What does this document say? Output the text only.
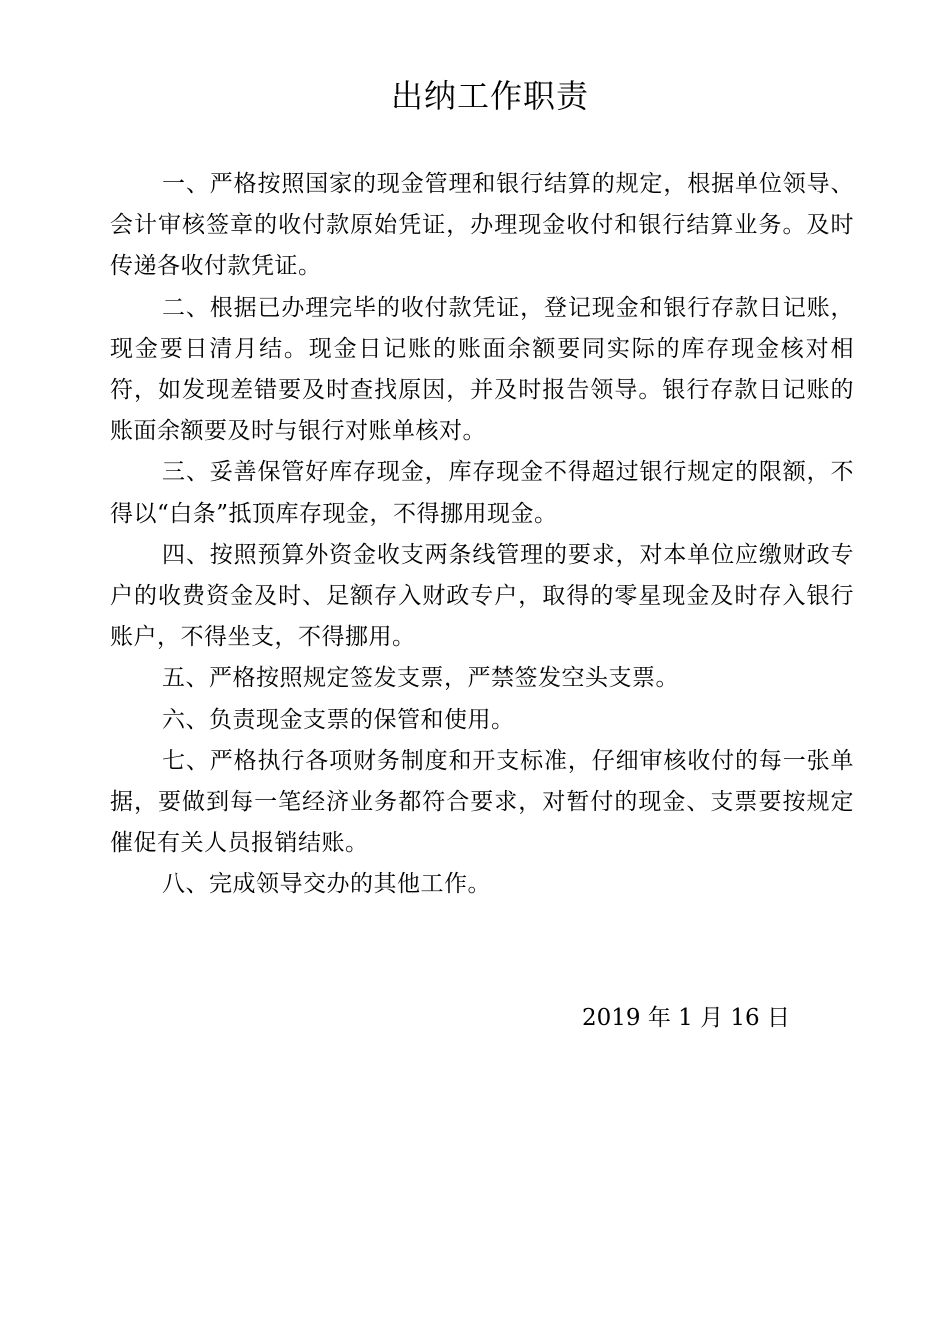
出纳工作职责

一、严格按照国家的现金管理和银行结算的规定，根据单位领导、会计审核签章的收付款原始凭证，办理现金收付和银行结算业务。及时传递各收付款凭证。

二、根据已办理完毕的收付款凭证，登记现金和银行存款日记账，现金要日清月结。现金日记账的账面余额要同实际的库存现金核对相符，如发现差错要及时查找原因，并及时报告领导。银行存款日记账的账面余额要及时与银行对账单核对。

三、妥善保管好库存现金，库存现金不得超过银行规定的限额，不得以“白条”抵顶库存现金，不得挪用现金。

四、按照预算外资金收支两条线管理的要求，对本单位应缴财政专户的收费资金及时、足额存入财政专户，取得的零星现金及时存入银行账户，不得坐支，不得挪用。

五、严格按照规定签发支票，严禁签发空头支票。

六、负责现金支票的保管和使用。

七、严格执行各项财务制度和开支标准，仔细审核收付的每一张单据，要做到每一笔经济业务都符合要求，对暂付的现金、支票要按规定催促有关人员报销结账。

八、完成领导交办的其他工作。

2019 年 1 月 16 日
